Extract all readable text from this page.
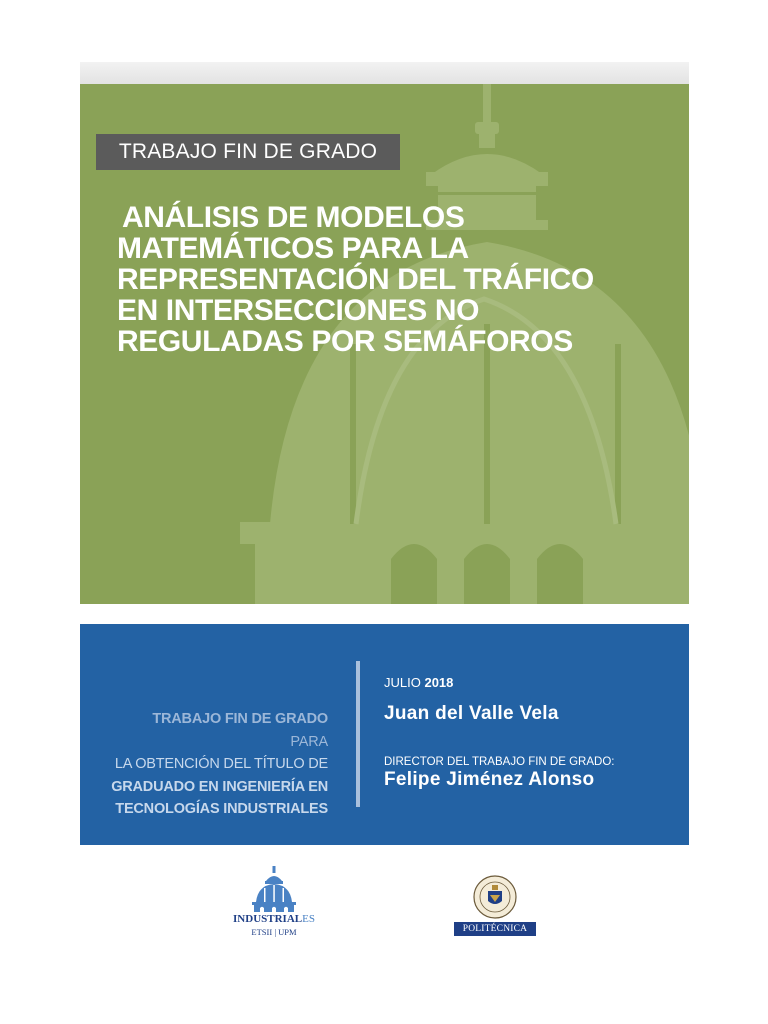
TRABAJO FIN DE GRADO
ANÁLISIS DE MODELOS
MATEMÁTICOS PARA LA
REPRESENTACIÓN DEL TRÁFICO
EN INTERSECCIONES NO
REGULADAS POR SEMÁFOROS
TRABAJO FIN DE GRADO
PARA
LA OBTENCIÓN DEL TÍTULO DE
GRADUADO EN INGENIERÍA EN
TECNOLOGÍAS INDUSTRIALES
JULIO 2018
Juan del Valle Vela
DIRECTOR DEL TRABAJO FIN DE GRADO:
Felipe Jiménez Alonso
INDUSTRIALES
ETSII | UPM	POLITÉCNICA
